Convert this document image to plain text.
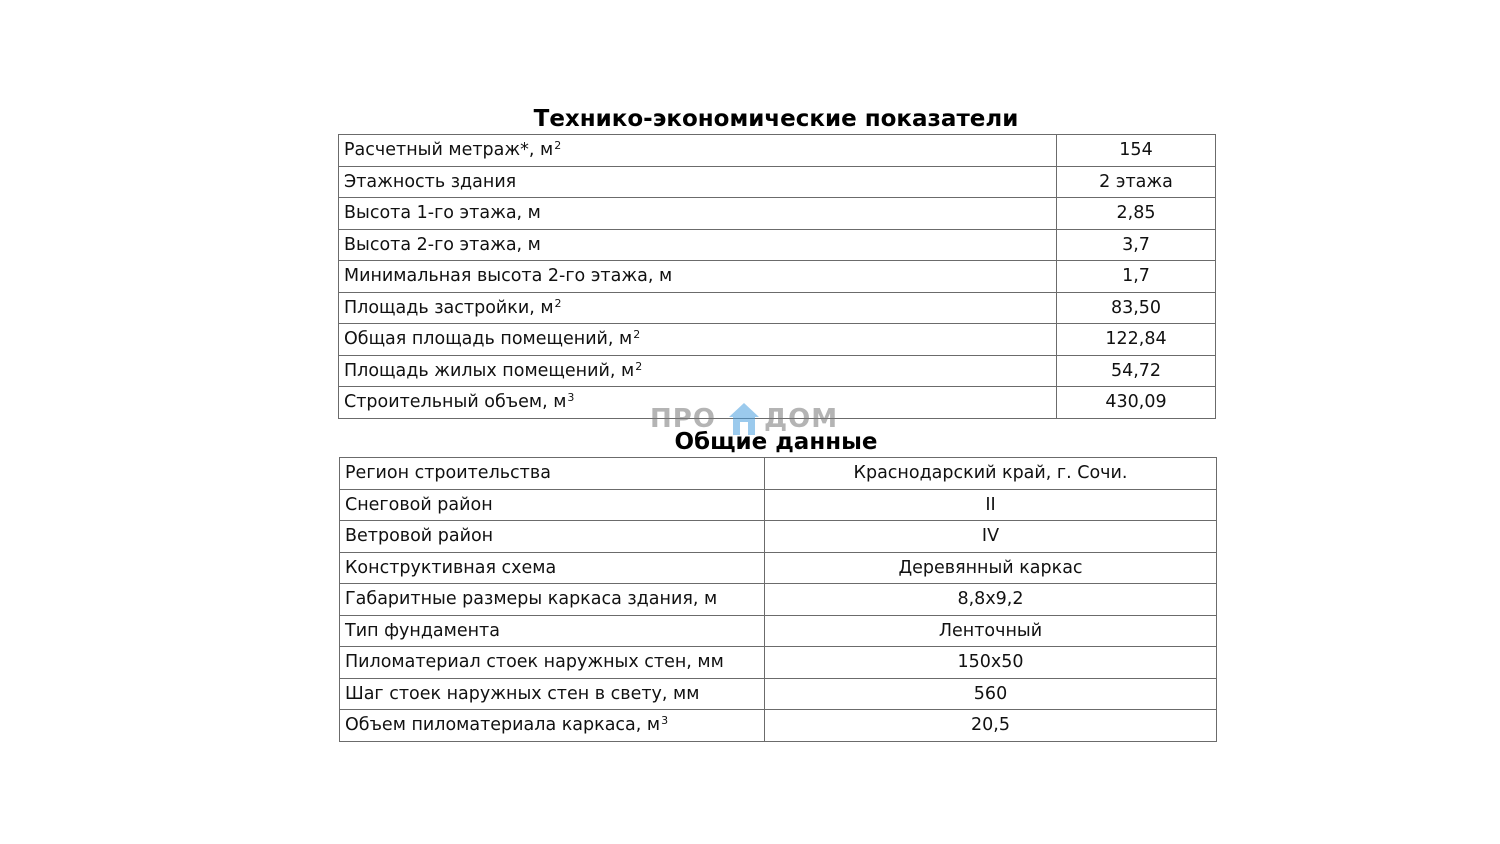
Технико-экономические показатели
Расчетный метраж*, $м^2$	154
Этажность здания	2 этажа
Высота 1-го этажа, м	2,85
Высота 2-го этажа, м	3,7
Минимальная высота 2-го этажа, м	1,7
Площадь застройки, $м^2$	83,50
Общая площадь помещений, $м^2$	122,84
Площадь жилых помещений, $м^2$	54,72
Строительный объем, $м^3$	430,09
ПРО ДОМ
Общие данные
Регион строительства	Краснодарский край, г. Сочи.
Снеговой район	II
Ветровой район	IV
Конструктивная схема	Деревянный каркас
Габаритные размеры каркаса здания, м	8,8х9,2
Тип фундамента	Ленточный
Пиломатериал стоек наружных стен, мм	150х50
Шаг стоек наружных стен в свету, мм	560
Объем пиломатериала каркаса, $м^3$	20,5
